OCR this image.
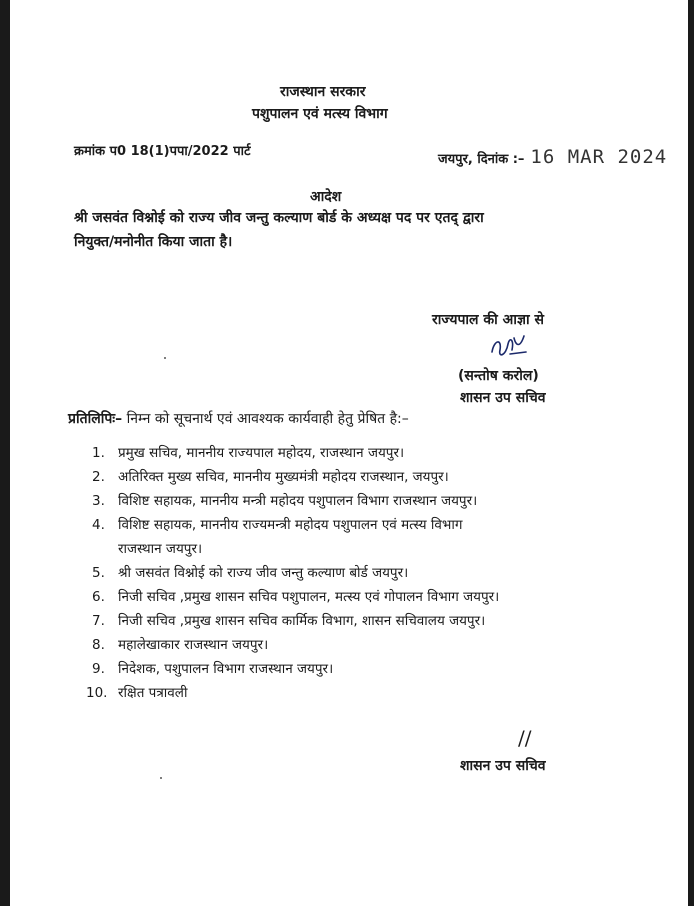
राजस्थान सरकार
पशुपालन एवं मत्स्य विभाग
क्रमांक प0 18(1)पपा/2022 पार्ट
जयपुर, दिनांक :– 16 MAR 2024
आदेश
श्री जसवंत विश्नोई को राज्य जीव जन्तु कल्याण बोर्ड के अध्यक्ष पद पर एतद् द्वारा
नियुक्त/मनोनीत किया जाता है।
राज्यपाल की आज्ञा से
(सन्तोष करोल)
शासन उप सचिव
प्रतिलिपिः– निम्न को सूचनार्थ एवं आवश्यक कार्यवाही हेतु प्रेषित है:–
1. प्रमुख सचिव, माननीय राज्यपाल महोदय, राजस्थान जयपुर।
2. अतिरिक्त मुख्य सचिव, माननीय मुख्यमंत्री महोदय राजस्थान, जयपुर।
3. विशिष्ट सहायक, माननीय मन्त्री महोदय पशुपालन विभाग राजस्थान जयपुर।
4. विशिष्ट सहायक, माननीय राज्यमन्त्री महोदय पशुपालन एवं मत्स्य विभाग
राजस्थान जयपुर।
5. श्री जसवंत विश्नोई को राज्य जीव जन्तु कल्याण बोर्ड जयपुर।
6. निजी सचिव ,प्रमुख शासन सचिव पशुपालन, मत्स्य एवं गोपालन विभाग जयपुर।
7. निजी सचिव ,प्रमुख शासन सचिव कार्मिक विभाग, शासन सचिवालय जयपुर।
8. महालेखाकार राजस्थान जयपुर।
9. निदेशक, पशुपालन विभाग राजस्थान जयपुर।
10. रक्षित पत्रावली
//
शासन उप सचिव
